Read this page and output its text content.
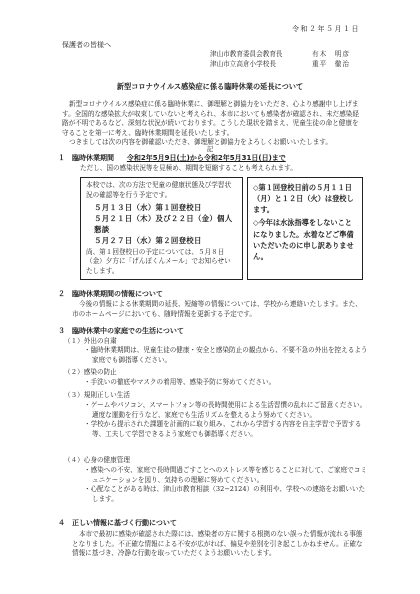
令和２年５月１日
保護者の皆様へ
津山市教育委員会教育長	有木　明彦
津山市立高倉小学校長	重平　徹治
新型コロナウイルス感染症に係る臨時休業の延長について

新型コロナウイルス感染症に係る臨時休業に、御理解と御協力をいただき、心より感謝申し上げます。全国的な感染拡大が収束していないと考えられ、本市においても感染者が確認され、未だ感染経路が不明であるなど、深刻な状況が続いております。こうした現状を踏まえ、児童生徒の命と健康を守ることを第一に考え、臨時休業期間を延長いたします。

つきましては次の内容を御確認いただき、御理解と御協力をよろしくお願いいたします。

記
１　臨時休業期間 令和2年5月9日(土)から令和2年5月31日(日)まで
ただし、国の感染状況等を見極め、期間を短縮することも考えられます。

本校では、次の方法で児童の健康状態及び学習状況の確認等を行う予定です。

５月１３日（水）第１回登校日
５月２１日（木）及び２２日（金）個人懇談
５月２７日（水）第２回登校日

尚、第１回登校日の予定については、５月８日（金）夕方に「げんぽくんメール」でお知らせいたします。

◇第１回登校日前の５月１１日（月）と１２日（火）は登校します。

◇今年は水泳指導をしないことになりました。水着などご準備いただいたのに申し訳ありません。

２　臨時休業期間の情報について
今後の情報による休業期間の延長、短縮等の情報については、学校から連絡いたします。また、市のホームページにおいても、随時情報を更新する予定です。
３　臨時休業中の家庭での生活について
（１）外出の自粛

・臨時休業期間は、児童生徒の健康・安全と感染防止の観点から、不要不急の外出を控えるよう家庭でも御指導ください。

（２）感染の防止

・手洗いの徹底やマスクの着用等、感染予防に努めてください。

（３）規則正しい生活

・ゲームやパソコン、スマートフォン等の長時間使用による生活習慣の乱れにご留意ください。適度な運動を行うなど、家庭でも生活リズムを整えるよう努めてください。

・学校から提示された課題を計画的に取り組み、これから学習する内容を自主学習で予習する等、工夫して学習できるよう家庭でも御指導ください。

（４）心身の健康管理

・感染への不安、家庭で長時間過ごすことへのストレス等を感じることに対して、ご家庭でコミュニケーションを図り、気持ちの理解に努めてください。

・心配なことがある時は、津山市教育相談（32−2124）の利用や、学校への連絡をお願いいたします。

４　正しい情報に基づく行動について
本市で最初に感染が確認された際には、感染者の方に関する根拠のない誤った情報が流れる事態となりました。不正確な情報による不安が広がれば、偏見や差別を引き起こしかねません。正確な情報に基づき、冷静な行動を取っていただくようお願いいたします。
